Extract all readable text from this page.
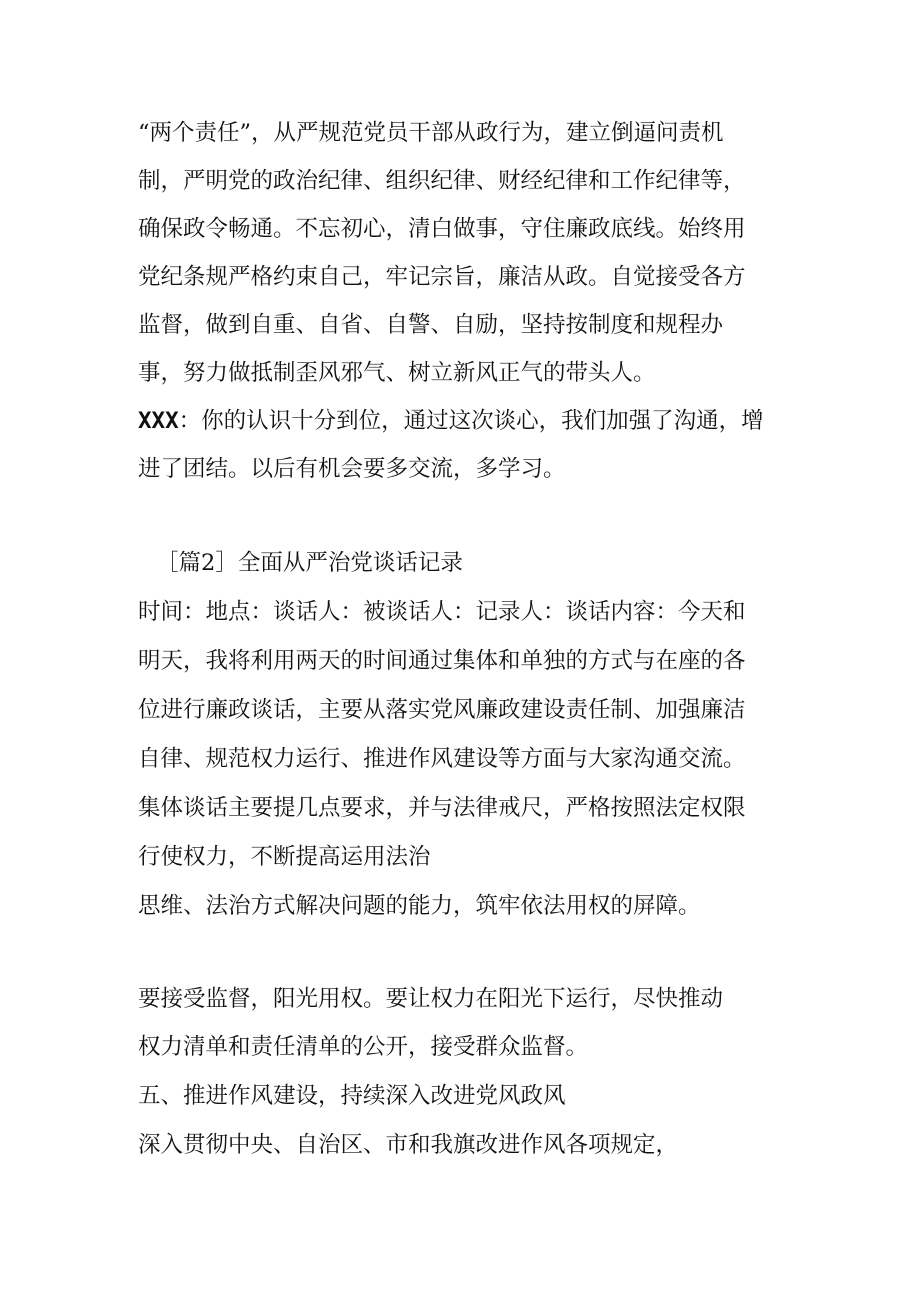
“两个责任”，从严规范党员干部从政行为，建立倒逼问责机
制，严明党的政治纪律、组织纪律、财经纪律和工作纪律等，
确保政令畅通。不忘初心，清白做事，守住廉政底线。始终用
党纪条规严格约束自己，牢记宗旨，廉洁从政。自觉接受各方
监督，做到自重、自省、自警、自励，坚持按制度和规程办
事，努力做抵制歪风邪气、树立新风正气的带头人。
XXX：你的认识十分到位，通过这次谈心，我们加强了沟通，增
进了团结。以后有机会要多交流，多学习。
［篇2］全面从严治党谈话记录
时间：地点：谈话人：被谈话人：记录人：谈话内容：今天和
明天，我将利用两天的时间通过集体和单独的方式与在座的各
位进行廉政谈话，主要从落实党风廉政建设责任制、加强廉洁
自律、规范权力运行、推进作风建设等方面与大家沟通交流。
集体谈话主要提几点要求，并与法律戒尺，严格按照法定权限
行使权力，不断提高运用法治
思维、法治方式解决问题的能力，筑牢依法用权的屏障。
要接受监督，阳光用权。要让权力在阳光下运行，尽快推动
权力清单和责任清单的公开，接受群众监督。
五、推进作风建设，持续深入改进党风政风
深入贯彻中央、自治区、市和我旗改进作风各项规定，
